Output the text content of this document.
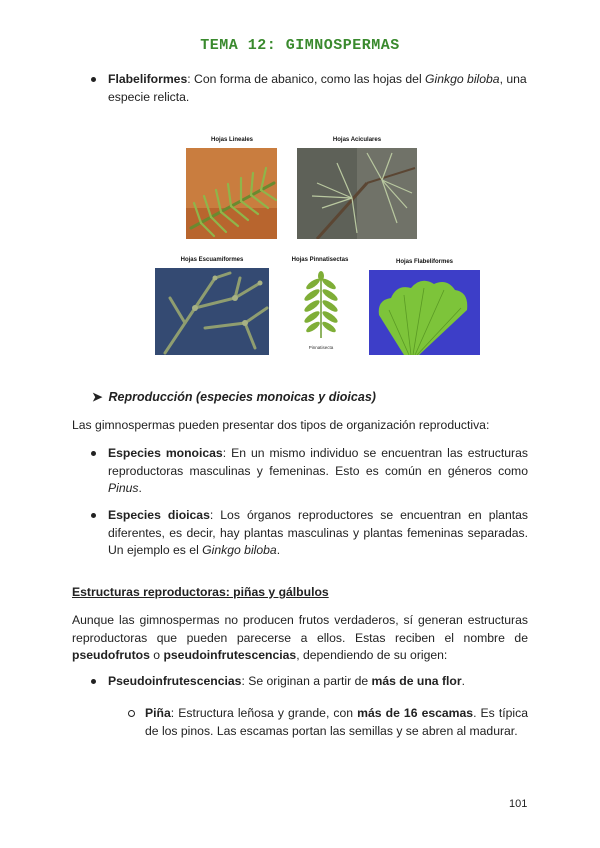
TEMA 12: GIMNOSPERMAS
Flabeliformes: Con forma de abanico, como las hojas del Ginkgo biloba, una especie relicta.
Hojas Lineales	Hojas Aciculares
Hojas Escuamiformes	Hojas Pinnatisectas
Pinnatisecta
Hojas Flabeliformes
➤ Reproducción (especies monoicas y dioicas)
Las gimnospermas pueden presentar dos tipos de organización reproductiva:
Especies monoicas: En un mismo individuo se encuentran las estructuras reproductoras masculinas y femeninas. Esto es común en géneros como Pinus.
Especies dioicas: Los órganos reproductores se encuentran en plantas diferentes, es decir, hay plantas masculinas y plantas femeninas separadas. Un ejemplo es el Ginkgo biloba.
Estructuras reproductoras: piñas y gálbulos
Aunque las gimnospermas no producen frutos verdaderos, sí generan estructuras reproductoras que pueden parecerse a ellos. Estas reciben el nombre de pseudofrutos o pseudoinfrutescencias, dependiendo de su origen:
Pseudoinfrutescencias: Se originan a partir de más de una flor.
Piña: Estructura leñosa y grande, con más de 16 escamas. Es típica de los pinos. Las escamas portan las semillas y se abren al madurar.
101
